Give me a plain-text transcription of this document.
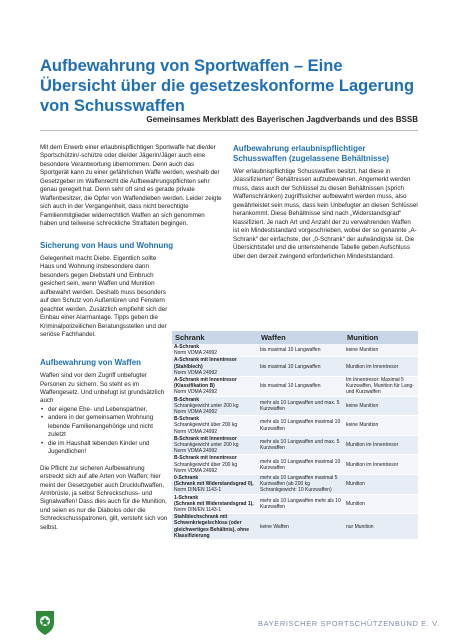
Aufbewahrung von Sportwaffen – Eine Übersicht über die gesetzeskonforme Lagerung von Schusswaffen
Gemeinsames Merkblatt des Bayerischen Jagdverbands und des BSSB

Mit dem Erwerb einer erlaubnispflichtigen Sportwaffe hat die/der Sportschützin/-schütze oder die/der Jägerin/Jäger auch eine besondere Verantwortung übernommen. Denn auch das Sportgerät kann zu einer gefährlichen Waffe werden, weshalb der Gesetzgeber im Waffenrecht die Aufbewahrungspflichten sehr genau geregelt hat. Denn sehr oft sind es gerade private Waffenbesitzer, die Opfer von Waffendieben werden. Leider zeigte sich auch in der Vergangenheit, dass nicht berechtigte Familienmitglieder widerrechtlich Waffen an sich genommen haben und teilweise schreckliche Straftaten begingen.

Sicherung von Haus und Wohnung

Gelegenheit macht Diebe. Eigentlich sollte Haus und Wohnung insbesondere dann besonders gegen Diebstahl und Einbruch gesichert sein, wenn Waffen und Munition aufbewahrt werden. Deshalb muss besonders auf den Schutz von Außentüren und Fenstern geachtet werden. Zusätzlich empfiehlt sich der Einbau einer Alarmanlage. Tipps geben die Kriminalpolizeilichen Beratungsstellen und der seriöse Fachhandel.

Aufbewahrung von Waffen

Waffen sind vor dem Zugriff unbefugter Personen zu sichern. So steht es im Waffengesetz. Und unbefugt ist grundsätzlich auch

• der eigene Ehe- und Lebenspartner,
• andere in der gemeinsamen Wohnung lebende Familienangehörige und nicht zuletzt
• die im Haushalt lebenden Kinder und Jugendlichen!

Die Pflicht zur sicheren Aufbewahrung erstreckt sich auf alle Arten von Waffen; hier meint der Gesetzgeber auch Druckluftwaffen, Armbrüste, ja selbst Schreckschuss- und Signalwaffen! Dass dies auch für die Munition, und seien es nur die Diabolos oder die Schreckschusspatronen, gilt, versteht sich von selbst.

Aufbewahrung erlaubnispflichtiger Schusswaffen (zugelassene Behältnisse)

Wer erlaubnispflichtige Schusswaffen besitzt, hat diese in „klassifizierten“ Behältnissen aufzubewahren. Angemerkt werden muss, dass auch der Schlüssel zu diesen Behältnissen (sprich Waffenschränken) zugriffssicher aufbewahrt werden muss, also gewährleistet sein muss, dass kein Unbefugter an diesen Schlüssel herankommt. Diese Behältnisse sind nach „Widerstandsgrad“ klassifiziert. Je nach Art und Anzahl der zu verwahrenden Waffen ist ein Mindeststandard vorgeschrieben, wobei der so genannte „A-Schrank“ der einfachste, der „0-Schrank“ der aufwändigste ist. Die Übersichtstafel und die untenstehende Tabelle geben Aufschluss über den derzeit zwingend erforderlichen Mindeststandard.

Schrank	Waffen	Munition

A-Schrank
Norm VDMA 24992	bis maximal 10 Langwaffen	keine Munition

A-Schrank mit Innentresor
(Stahlblech)
Norm VDMA 24992	bis maximal 10 Langwaffen	Munition im Innentresor

A-Schrank mit Innentresor
(Klassifikation B)
Norm VDMA 24992	bis maximal 10 Langwaffen	Im Innentresor: Maximal 5 Kurzwaffen, Munition für Lang- und Kurzwaffen

B-Schrank
Schrankgewicht unter 200 kg
Norm VDMA 24992	mehr als 10 Langwaffen und max. 5 Kurzwaffen	keine Munition

B-Schrank
Schrankgewicht über 200 kg
Norm VDMA 24992	mehr als 10 Langwaffen maximal 10 Kurzwaffen	keine Munition

B-Schrank mit Innentresor
Schrankgewicht unter 200 kg
Norm VDMA 24992	mehr als 10 Langwaffen und max. 5 Kurzwaffen	Munition im Innentresor

B-Schrank mit Innentresor
Schrankgewicht über 200 kg
Norm VDMA 24992	mehr als 10 Langwaffen maximal 10 Kurzwaffen	Munition im Innentresor

0-Schrank
(Schrank mit Widerstandsgrad 0),
Norm DIN/EN 1143-1	mehr als 10 Langwaffen maximal 5 Kurzwaffen (ab 200 kg Schrankgewicht: 10 Kurzwaffen)	Munition

1-Schrank
(Schrank mit Widerstandsgrad 1),
Norm DIN/EN 1143-1	mehr als 10 Langwaffen mehr als 10 Kurzwaffen	Munition

Stahlblechschrank mit Schwenkriegelschloss (oder gleichwertiges Behältnis), ohne Klassifizierung	keine Waffen	nur Munition
BAYERISCHER SPORTSCHÜTZENBUND E. V.
